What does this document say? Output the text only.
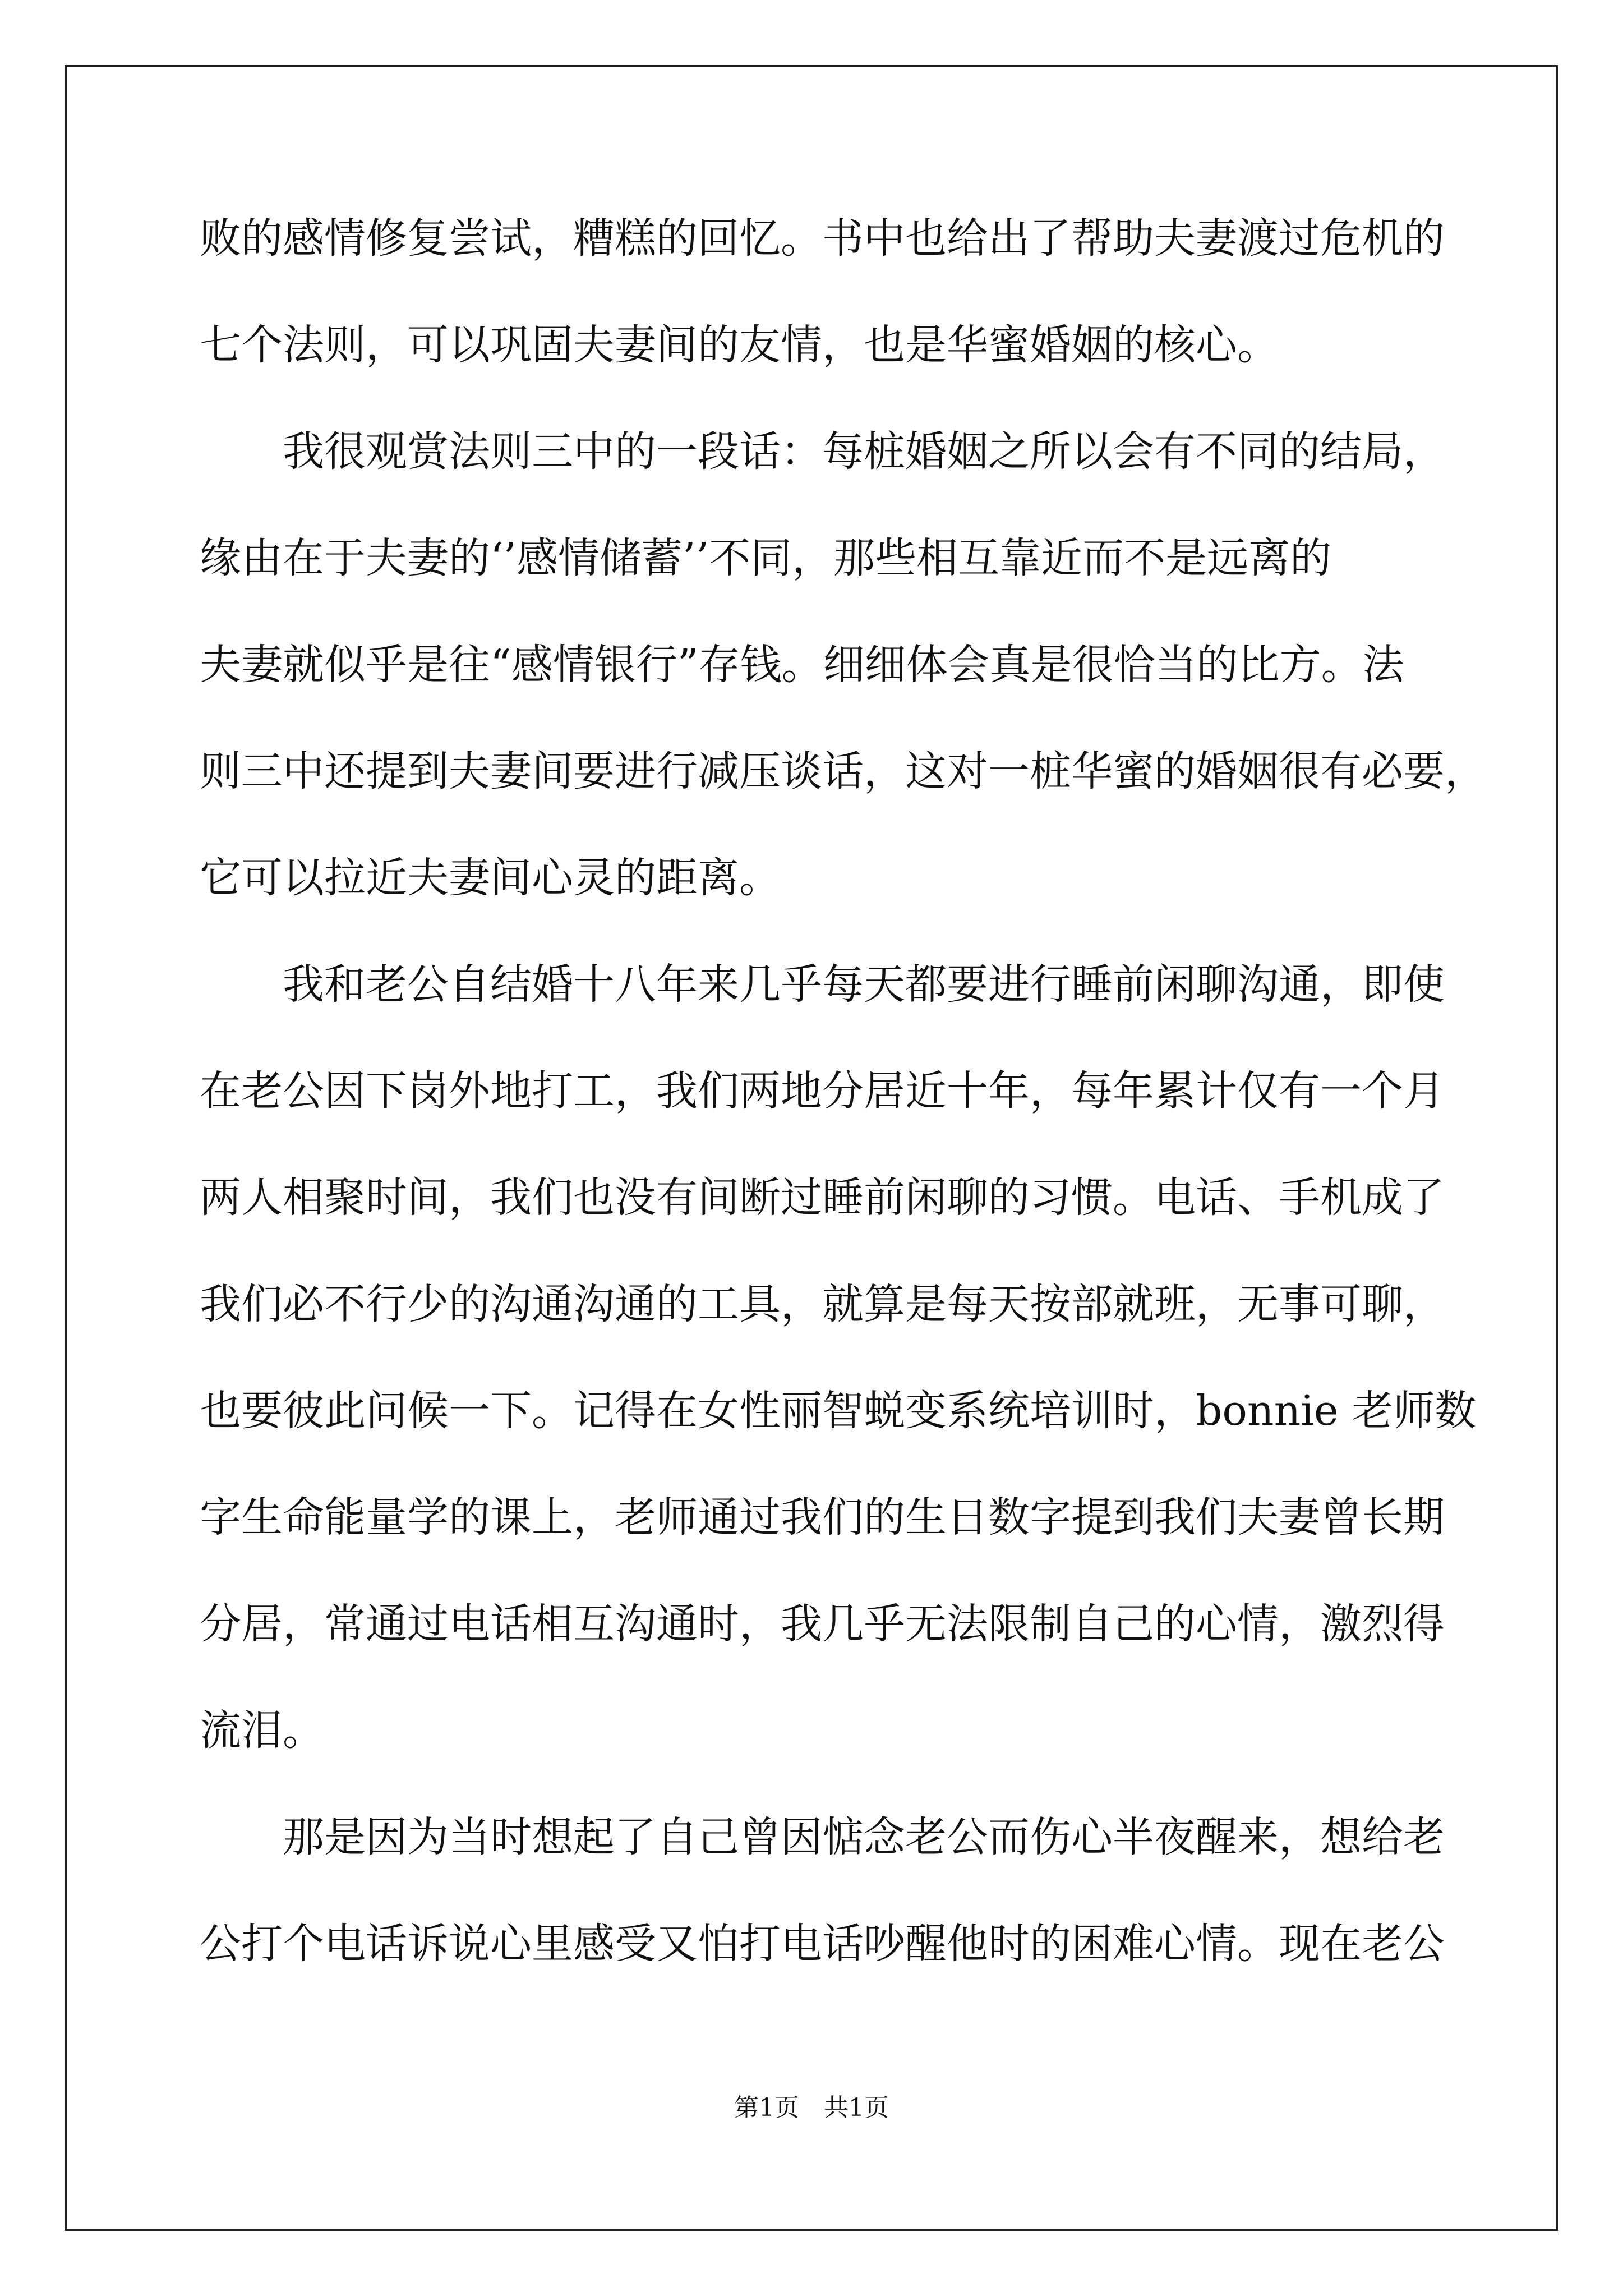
败的感情修复尝试，糟糕的回忆。书中也给出了帮助夫妻渡过危机的
七个法则，可以巩固夫妻间的友情，也是华蜜婚姻的核心。
我很观赏法则三中的一段话：每桩婚姻之所以会有不同的结局，
缘由在于夫妻的‘’感情储蓄’’不同，那些相互靠近而不是远离的
夫妻就似乎是往“感情银行”存钱。细细体会真是很恰当的比方。法
则三中还提到夫妻间要进行减压谈话，这对一桩华蜜的婚姻很有必要，
它可以拉近夫妻间心灵的距离。
我和老公自结婚十八年来几乎每天都要进行睡前闲聊沟通，即使
在老公因下岗外地打工，我们两地分居近十年，每年累计仅有一个月
两人相聚时间，我们也没有间断过睡前闲聊的习惯。电话、手机成了
我们必不行少的沟通沟通的工具，就算是每天按部就班，无事可聊，
也要彼此问候一下。记得在女性丽智蜕变系统培训时，bonnie 老师数
字生命能量学的课上，老师通过我们的生日数字提到我们夫妻曾长期
分居，常通过电话相互沟通时，我几乎无法限制自己的心情，激烈得
流泪。
那是因为当时想起了自己曾因惦念老公而伤心半夜醒来，想给老
公打个电话诉说心里感受又怕打电话吵醒他时的困难心情。现在老公
第1页　共1页
